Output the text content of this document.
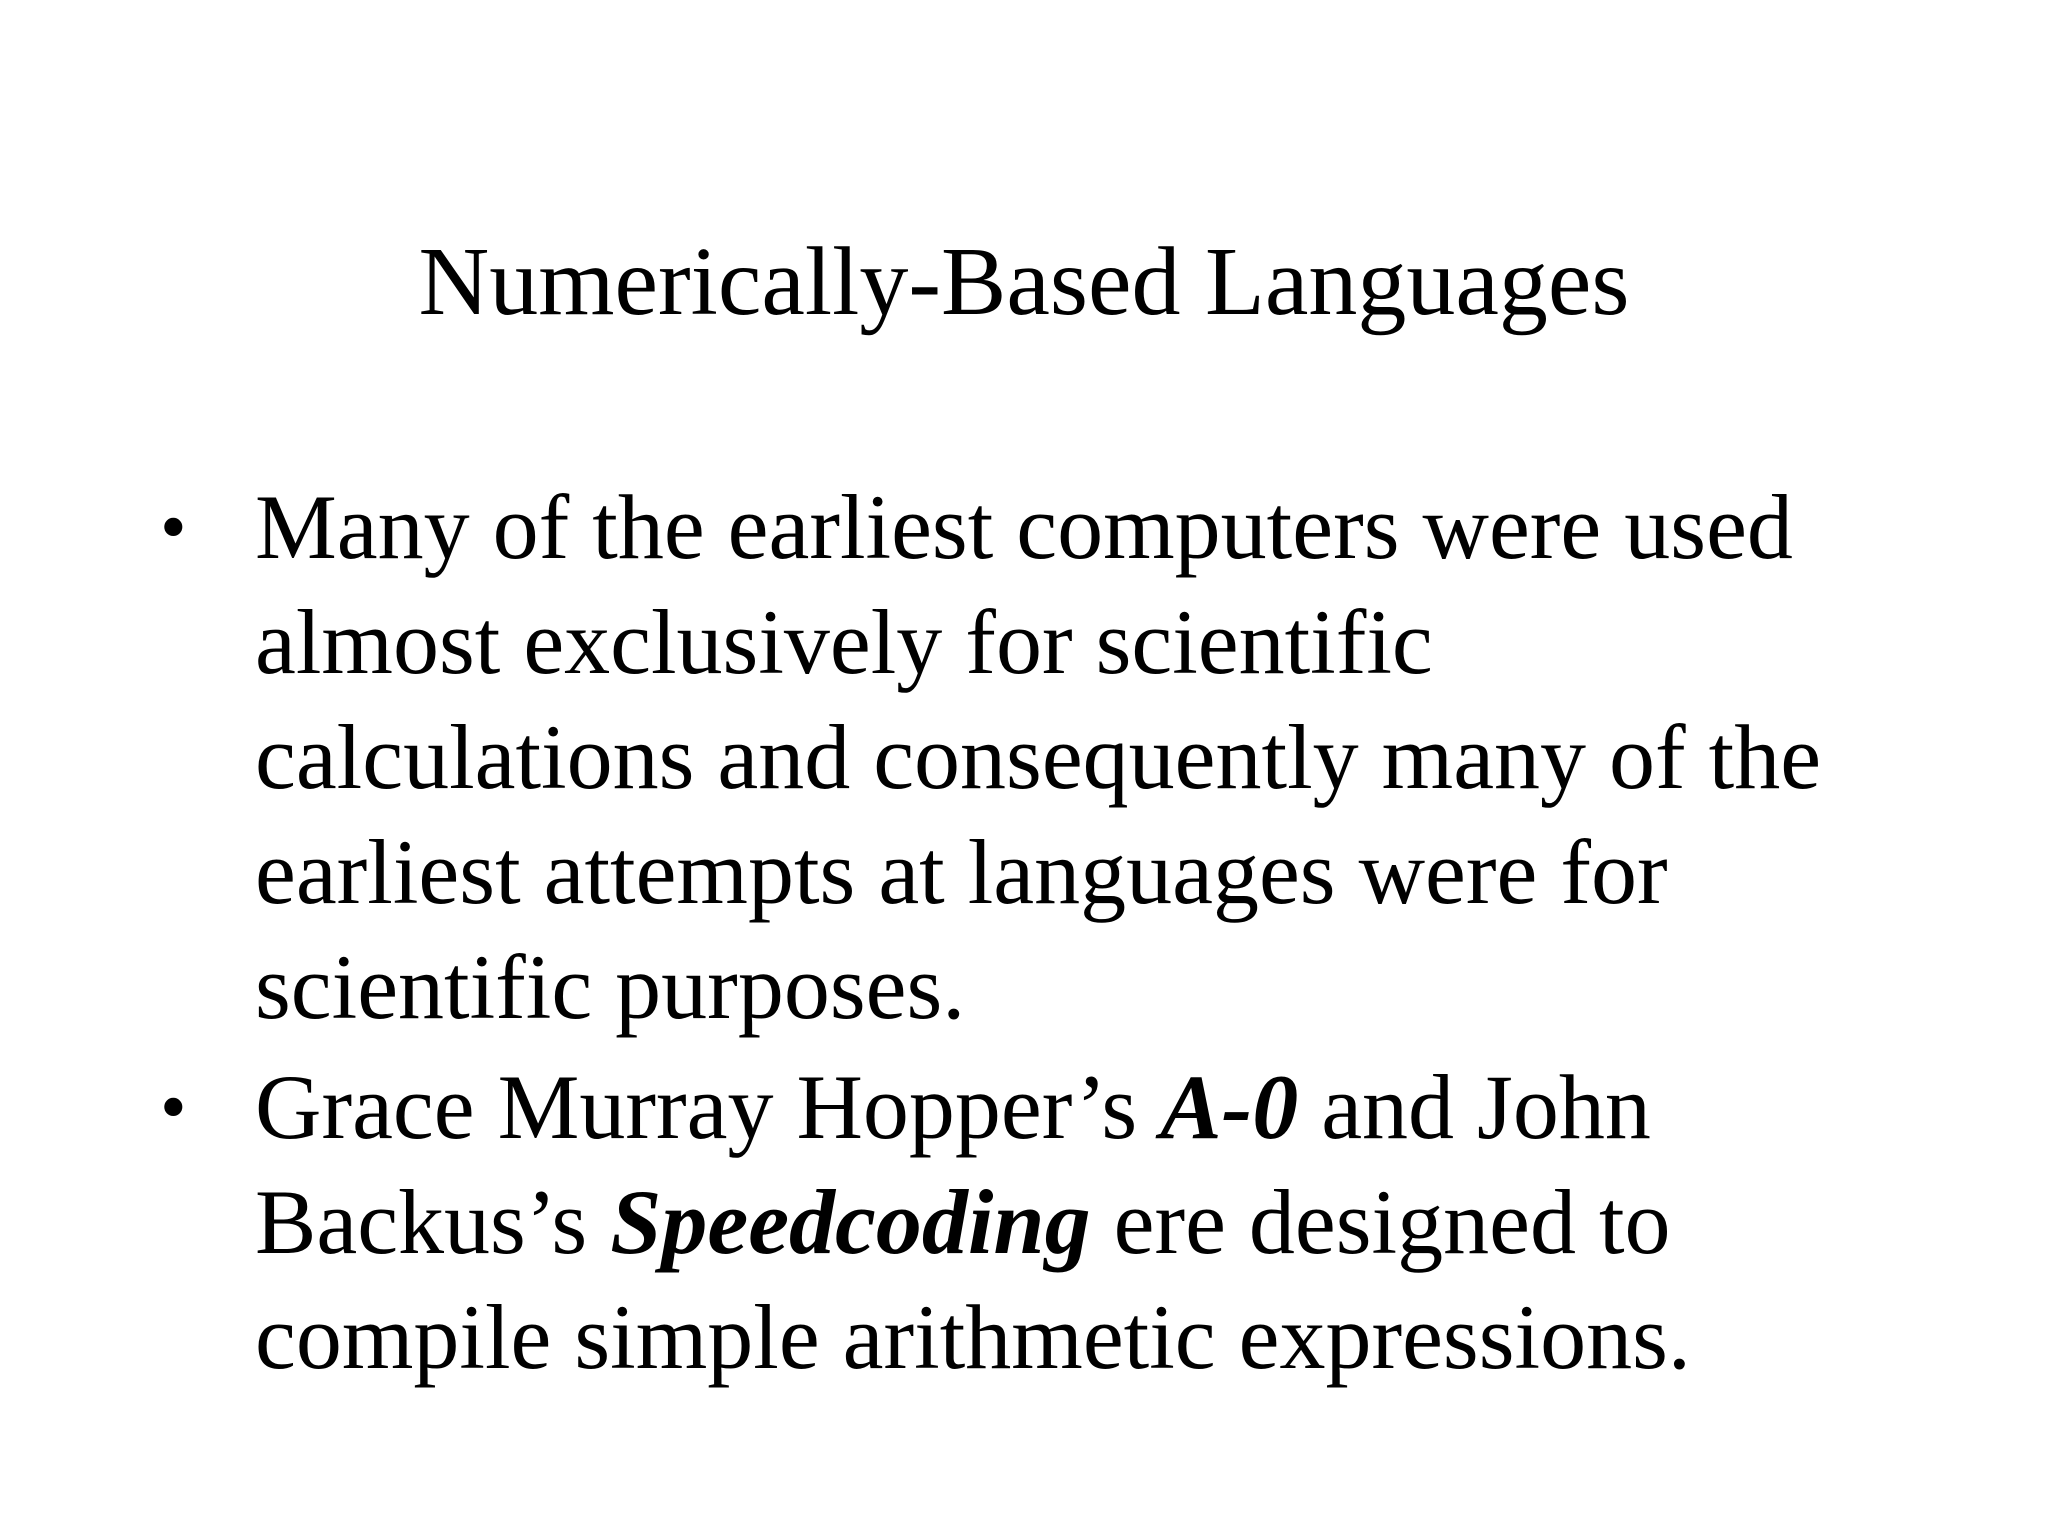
Numerically-Based Languages
• Many of the earliest computers were used almost exclusively for scientific calculations and consequently many of the earliest attempts at languages were for scientific purposes.
• Grace Murray Hopper’s A-0 and John Backus’s Speedcoding ere designed to compile simple arithmetic expressions.
